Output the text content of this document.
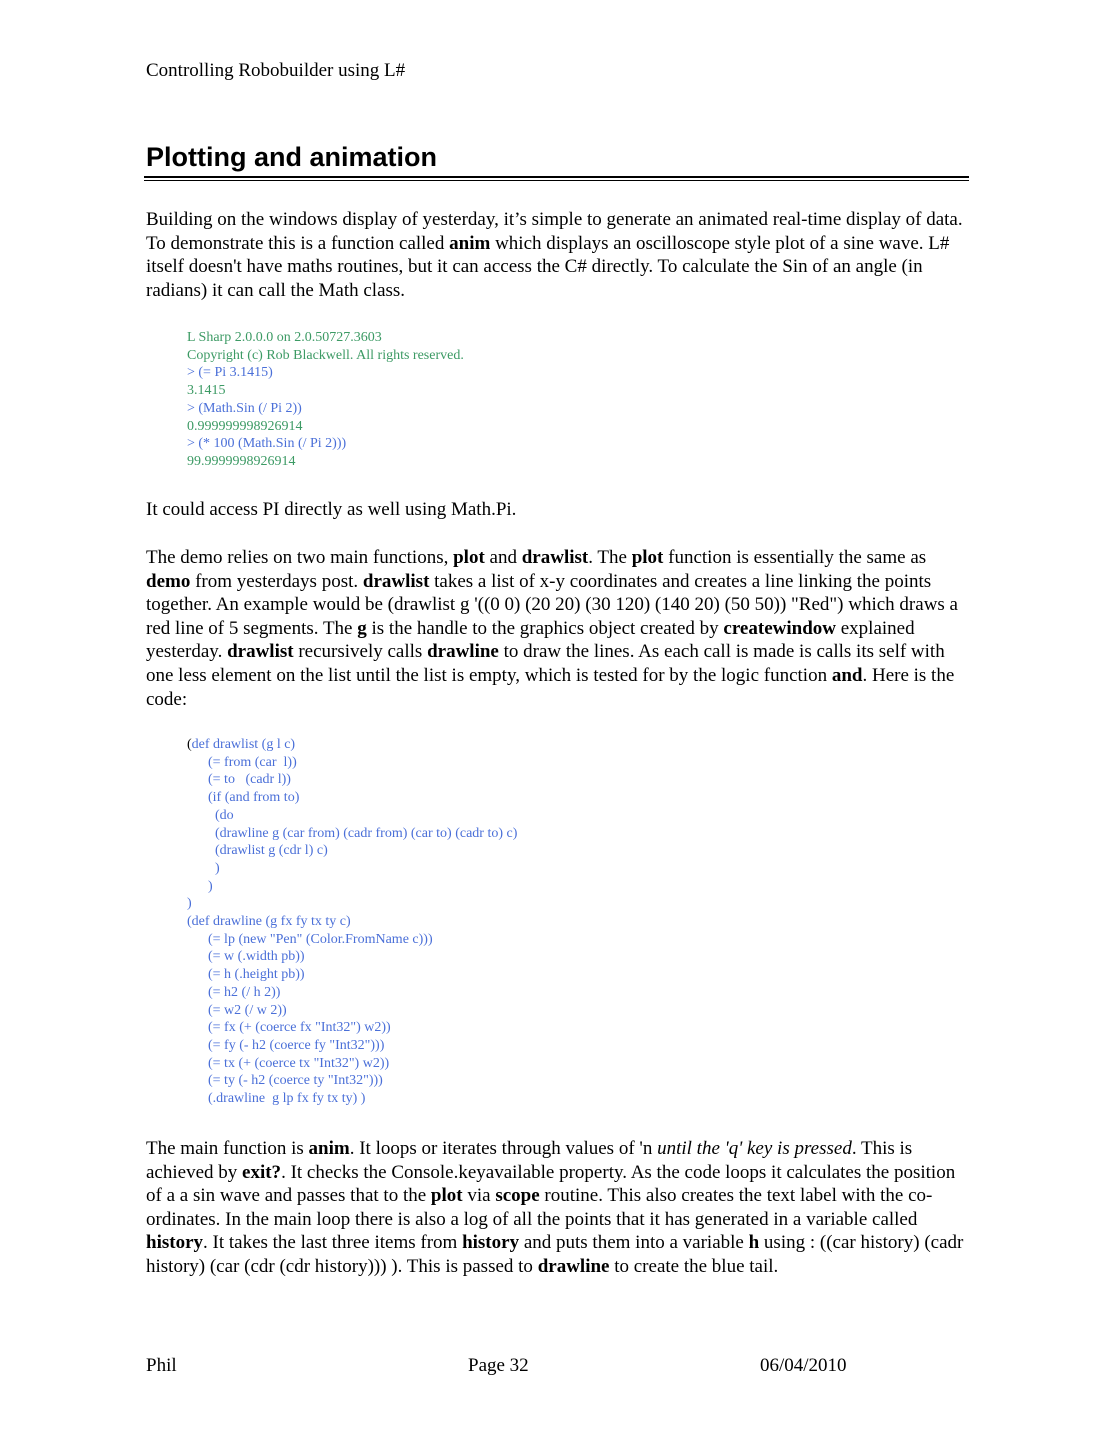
Controlling Robobuilder using L#
Plotting and animation

Building on the windows display of yesterday, it’s simple to generate an animated real-time display of data. To demonstrate this is a function called anim which displays an oscilloscope style plot of a sine wave. L# itself doesn't have maths routines, but it can access the C# directly. To calculate the Sin of an angle (in radians) it can call the Math class.

L Sharp 2.0.0.0 on 2.0.50727.3603
Copyright (c) Rob Blackwell. All rights reserved.
> (= Pi 3.1415)
3.1415
> (Math.Sin (/ Pi 2))
0.999999998926914
> (* 100 (Math.Sin (/ Pi 2)))
99.9999998926914

It could access PI directly as well using Math.Pi.

The demo relies on two main functions, plot and drawlist. The plot function is essentially the same as demo from yesterdays post. drawlist takes a list of x-y coordinates and creates a line linking the points together. An example would be (drawlist g '((0 0) (20 20) (30 120) (140 20) (50 50)) "Red") which draws a red line of 5 segments. The g is the handle to the graphics object created by createwindow explained yesterday. drawlist recursively calls drawline to draw the lines. As each call is made is calls its self with one less element on the list until the list is empty, which is tested for by the logic function and. Here is the code:

(def drawlist (g l c)
(= from (car  l))
(= to   (cadr l))
(if (and from to)
(do
(drawline g (car from) (cadr from) (car to) (cadr to) c)
(drawlist g (cdr l) c)
)
)
)
(def drawline (g fx fy tx ty c)
(= lp (new "Pen" (Color.FromName c)))
(= w (.width pb))
(= h (.height pb))
(= h2 (/ h 2))
(= w2 (/ w 2))
(= fx (+ (coerce fx "Int32") w2))
(= fy (- h2 (coerce fy "Int32")))
(= tx (+ (coerce tx "Int32") w2))
(= ty (- h2 (coerce ty "Int32")))
(.drawline  g lp fx fy tx ty) )

The main function is anim. It loops or iterates through values of 'n until the 'q' key is pressed. This is achieved by exit?. It checks the Console.keyavailable property. As the code loops it calculates the position of a a sin wave and passes that to the plot via scope routine. This also creates the text label with the co-ordinates. In the main loop there is also a log of all the points that it has generated in a variable called history. It takes the last three items from history and puts them into a variable h using : ((car history) (cadr history) (car (cdr (cdr history))) ). This is passed to drawline to create the blue tail.

Phil	Page 32	06/04/2010
